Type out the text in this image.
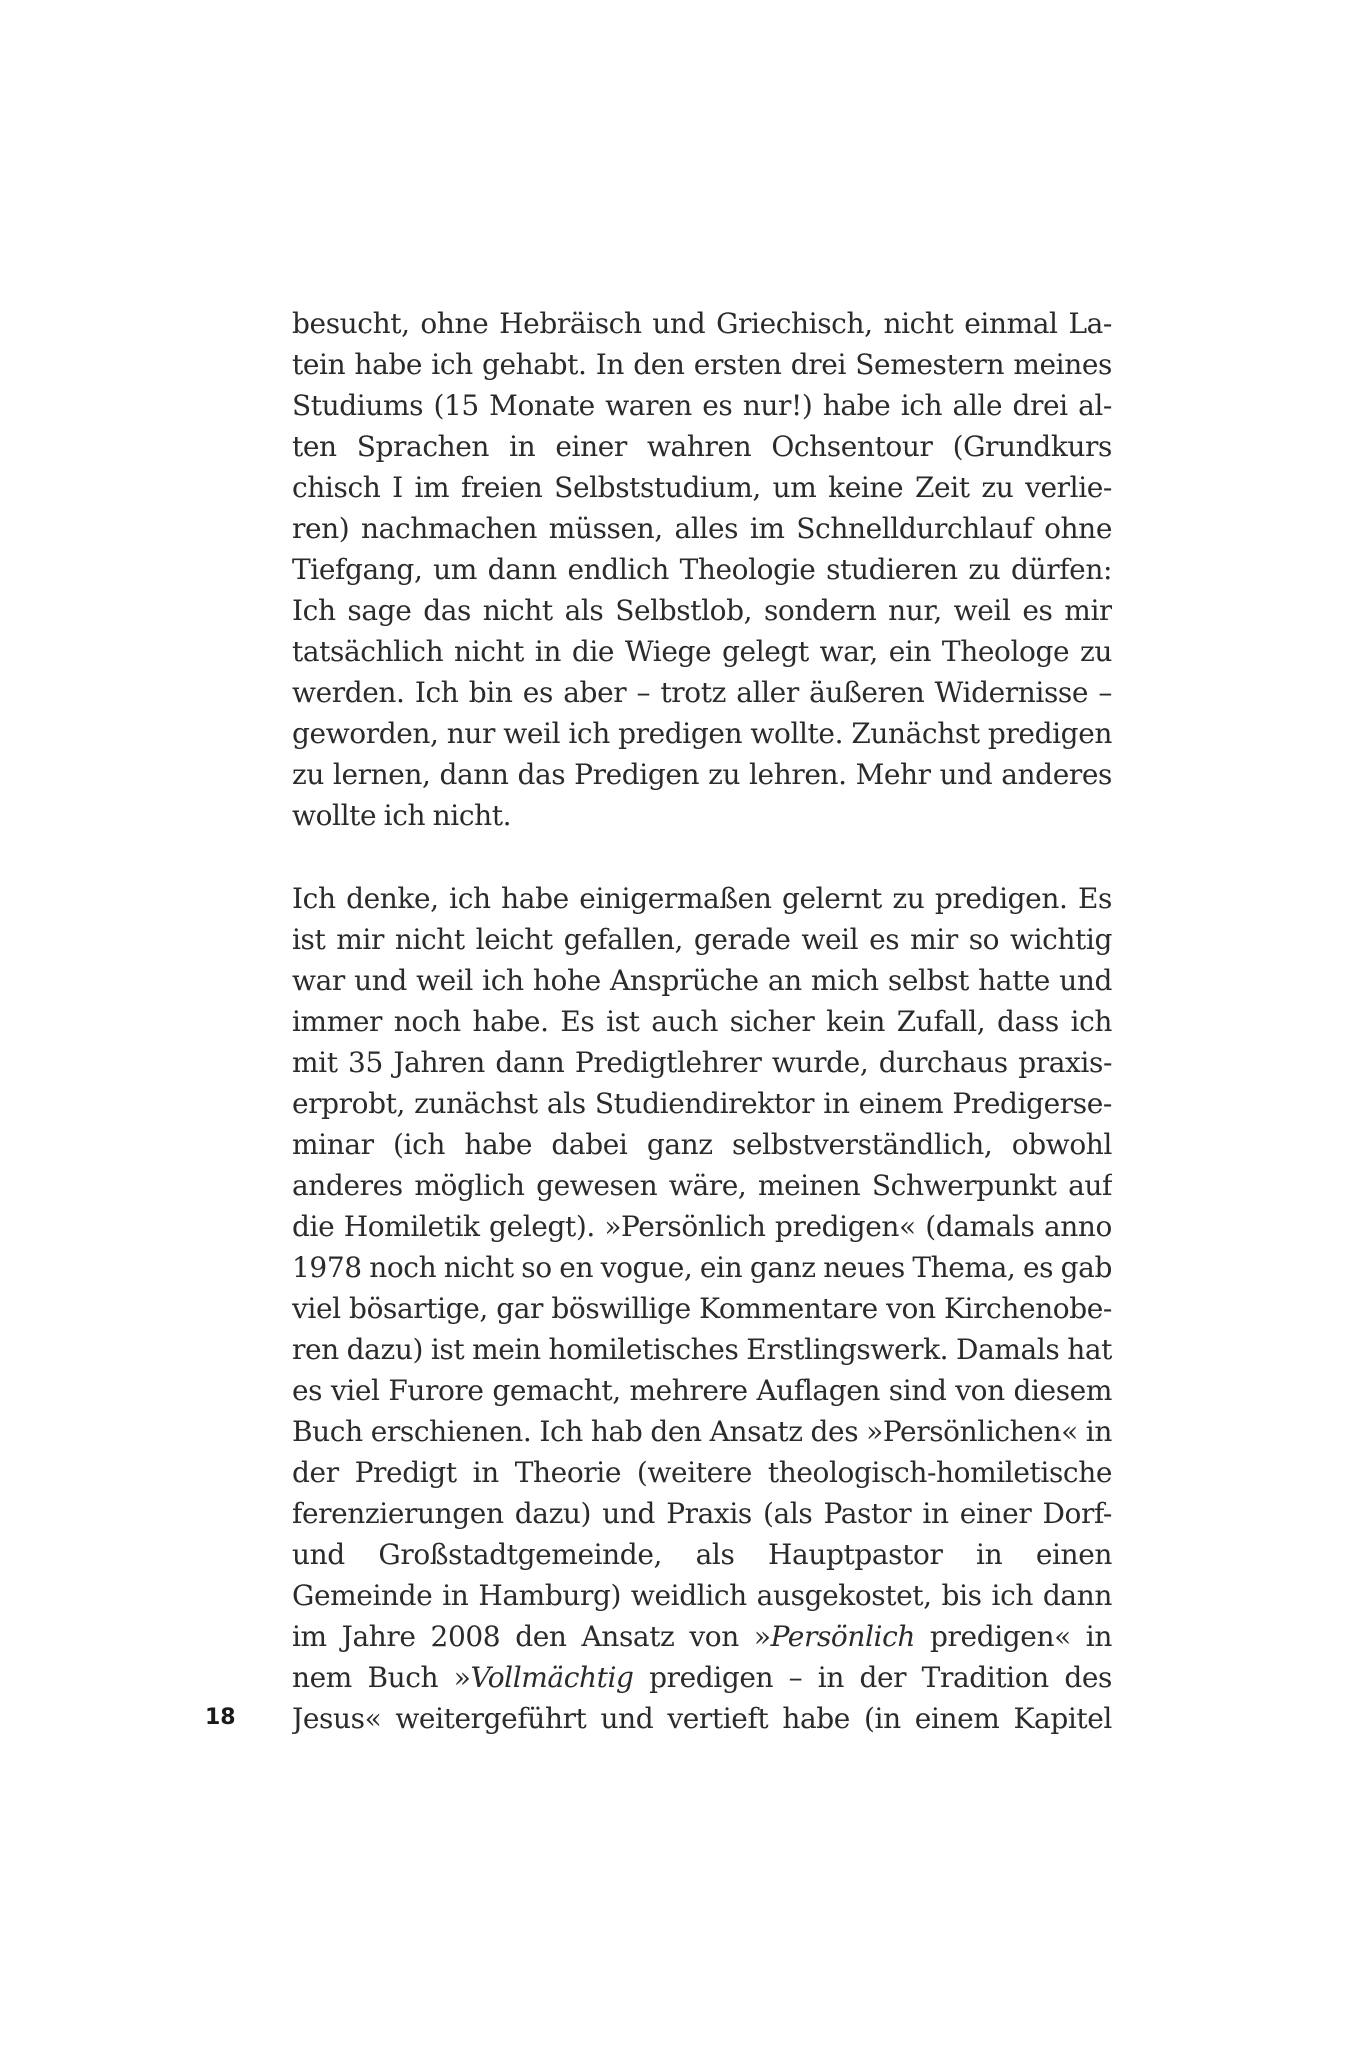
besucht, ohne Hebräisch und Griechisch, nicht einmal La-
tein habe ich gehabt. In den ersten drei Semestern meines
Studiums (15 Monate waren es nur!) habe ich alle drei al-
ten Sprachen in einer wahren Ochsentour (Grundkurs
chisch I im freien Selbststudium, um keine Zeit zu verlie-
ren) nachmachen müssen, alles im Schnelldurchlauf ohne
Tiefgang, um dann endlich Theologie studieren zu dürfen:
Ich sage das nicht als Selbstlob, sondern nur, weil es mir
tatsächlich nicht in die Wiege gelegt war, ein Theologe zu
werden. Ich bin es aber – trotz aller äußeren Widernisse –
geworden, nur weil ich predigen wollte. Zunächst predigen
zu lernen, dann das Predigen zu lehren. Mehr und anderes
wollte ich nicht.
Ich denke, ich habe einigermaßen gelernt zu predigen. Es
ist mir nicht leicht gefallen, gerade weil es mir so wichtig
war und weil ich hohe Ansprüche an mich selbst hatte und
immer noch habe. Es ist auch sicher kein Zufall, dass ich
mit 35 Jahren dann Predigtlehrer wurde, durchaus praxis-
erprobt, zunächst als Studiendirektor in einem Predigerse-
minar (ich habe dabei ganz selbstverständlich, obwohl
anderes möglich gewesen wäre, meinen Schwerpunkt auf
die Homiletik gelegt). »Persönlich predigen« (damals anno
1978 noch nicht so en vogue, ein ganz neues Thema, es gab
viel bösartige, gar böswillige Kommentare von Kirchenobe-
ren dazu) ist mein homiletisches Erstlingswerk. Damals hat
es viel Furore gemacht, mehrere Auflagen sind von diesem
Buch erschienen. Ich hab den Ansatz des »Persönlichen« in
der Predigt in Theorie (weitere theologisch-homiletische
ferenzierungen dazu) und Praxis (als Pastor in einer Dorf-
und Großstadtgemeinde, als Hauptpastor in einen
Gemeinde in Hamburg) weidlich ausgekostet, bis ich dann
im Jahre 2008 den Ansatz von »Persönlich predigen« in
nem Buch »Vollmächtig predigen – in der Tradition des
Jesus« weitergeführt und vertieft habe (in einem Kapitel
18
